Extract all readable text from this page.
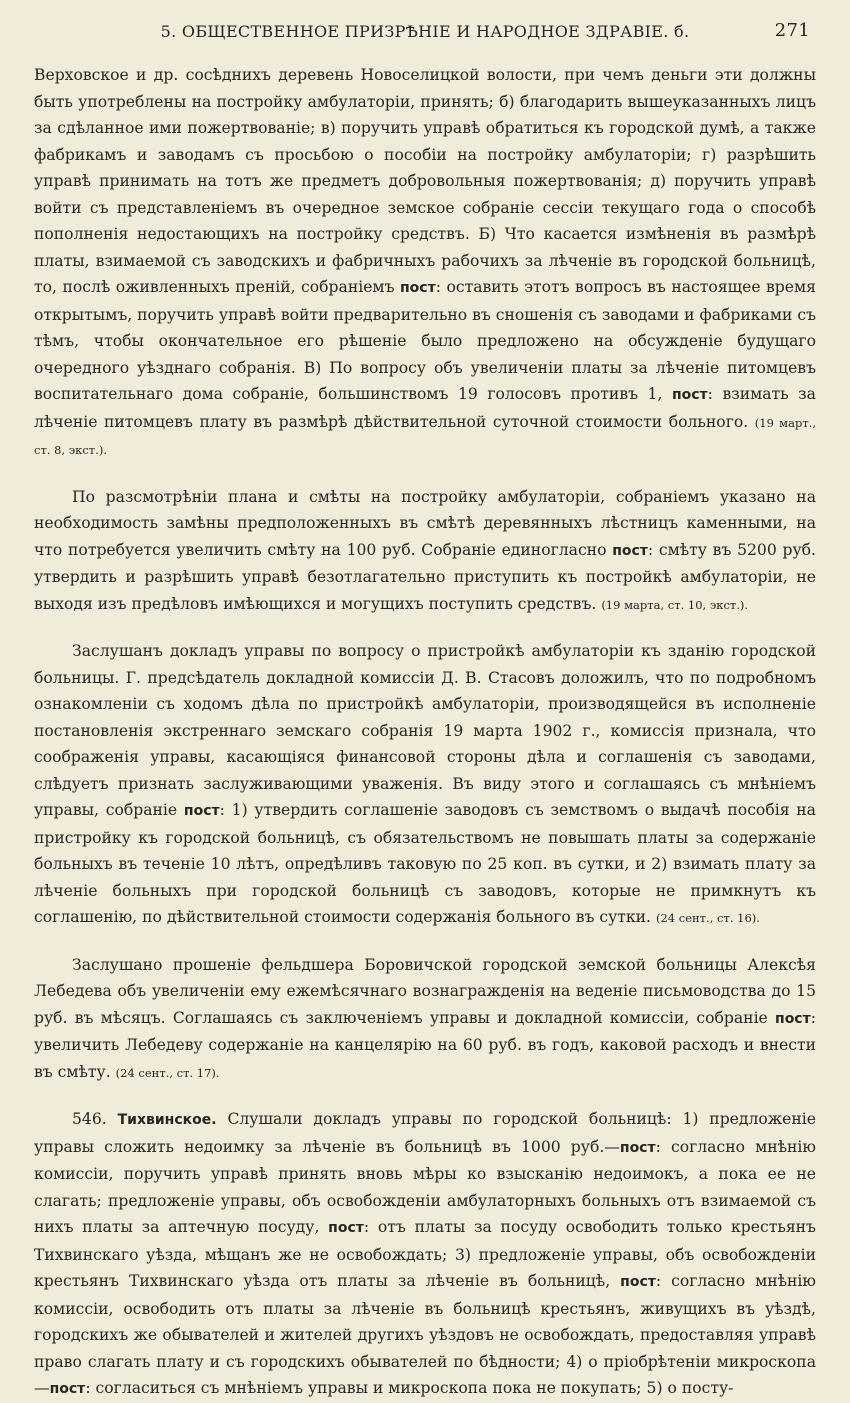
5. ОБЩЕСТВЕННОЕ ПРИЗРѢНІЕ И НАРОДНОЕ ЗДРАВІЕ. б.	271

Верховское и др. сосѣднихъ деревень Новоселицкой волости, при чемъ деньги эти должны быть употреблены на постройку амбулаторіи, принять; б) благодарить вышеуказанныхъ лицъ за сдѣланное ими пожертвованіе; в) поручить управѣ обратиться къ городской думѣ, а также фабрикамъ и заводамъ съ просьбою о пособіи на постройку амбулаторіи; г) разрѣшить управѣ принимать на тотъ же предметъ добровольныя пожертвованія; д) поручить управѣ войти съ представленіемъ въ очередное земское собраніе сессіи текущаго года о способѣ пополненія недостающихъ на постройку средствъ. Б) Что касается измѣненія въ размѣрѣ платы, взимаемой съ заводскихъ и фабричныхъ рабочихъ за лѣченіе въ городской больницѣ, то, послѣ оживленныхъ преній, собраніемъ пост: оставить этотъ вопросъ въ настоящее время открытымъ, поручить управѣ войти предварительно въ сношенія съ заводами и фабриками съ тѣмъ, чтобы окончательное его рѣшеніе было предложено на обсужденіе будущаго очередного уѣзднаго собранія. В) По вопросу объ увеличеніи платы за лѣченіе питомцевъ воспитательнаго дома собраніе, большинствомъ 19 голосовъ противъ 1, пост: взимать за лѣченіе питомцевъ плату въ размѣрѣ дѣйствительной суточной стоимости больного. (19 март., ст. 8, экст.).

По разсмотрѣніи плана и смѣты на постройку амбулаторіи, собраніемъ указано на необходимость замѣны предположенныхъ въ смѣтѣ деревянныхъ лѣстницъ каменными, на что потребуется увеличить смѣту на 100 руб. Собраніе единогласно пост: смѣту въ 5200 руб. утвердить и разрѣшить управѣ безотлагательно приступить къ постройкѣ амбулаторіи, не выходя изъ предѣловъ имѣющихся и могущихъ поступить средствъ. (19 марта, ст. 10, экст.).

Заслушанъ докладъ управы по вопросу о пристройкѣ амбулаторіи къ зданію городской больницы. Г. предсѣдатель докладной комиссіи Д. В. Стасовъ доложилъ, что по подробномъ ознакомленіи съ ходомъ дѣла по пристройкѣ амбулаторіи, производящейся въ исполненіе постановленія экстреннаго земскаго собранія 19 марта 1902 г., комиссія признала, что соображенія управы, касающіяся финансовой стороны дѣла и соглашенія съ заводами, слѣдуетъ признать заслуживающими уваженія. Въ виду этого и соглашаясь съ мнѣніемъ управы, собраніе пост: 1) утвердить соглашеніе заводовъ съ земствомъ о выдачѣ пособія на пристройку къ городской больницѣ, съ обязательствомъ не повышать платы за содержаніе больныхъ въ теченіе 10 лѣтъ, опредѣливъ таковую по 25 коп. въ сутки, и 2) взимать плату за лѣченіе больныхъ при городской больницѣ съ заводовъ, которые не примкнутъ къ соглашенію, по дѣйствительной стоимости содержанія больного въ сутки. (24 сент., ст. 16).

Заслушано прошеніе фельдшера Боровичской городской земской больницы Алексѣя Лебедева объ увеличеніи ему ежемѣсячнаго вознагражденія на веденіе письмоводства до 15 руб. въ мѣсяцъ. Соглашаясь съ заключеніемъ управы и докладной комиссіи, собраніе пост: увеличить Лебедеву содержаніе на канцелярію на 60 руб. въ годъ, каковой расходъ и внести въ смѣту. (24 сент., ст. 17).

546. Тихвинское. Слушали докладъ управы по городской больницѣ: 1) предложеніе управы сложить недоимку за лѣченіе въ больницѣ въ 1000 руб.—пост: согласно мнѣнію комиссіи, поручить управѣ принять вновь мѣры ко взысканію недоимокъ, а пока ее не слагать; предложеніе управы, объ освобожденіи амбулаторныхъ больныхъ отъ взимаемой съ нихъ платы за аптечную посуду, пост: отъ платы за посуду освободить только крестьянъ Тихвинскаго уѣзда, мѣщанъ же не освобождать; 3) предложеніе управы, объ освобожденіи крестьянъ Тихвинскаго уѣзда отъ платы за лѣченіе въ больницѣ, пост: согласно мнѣнію комиссіи, освободить отъ платы за лѣченіе въ больницѣ крестьянъ, живущихъ въ уѣздѣ, городскихъ же обывателей и жителей другихъ уѣздовъ не освобождать, предоставляя управѣ право слагать плату и съ городскихъ обывателей по бѣдности; 4) о пріобрѣтеніи микроскопа—пост: согласиться съ мнѣніемъ управы и микроскопа пока не покупать; 5) о посту-
